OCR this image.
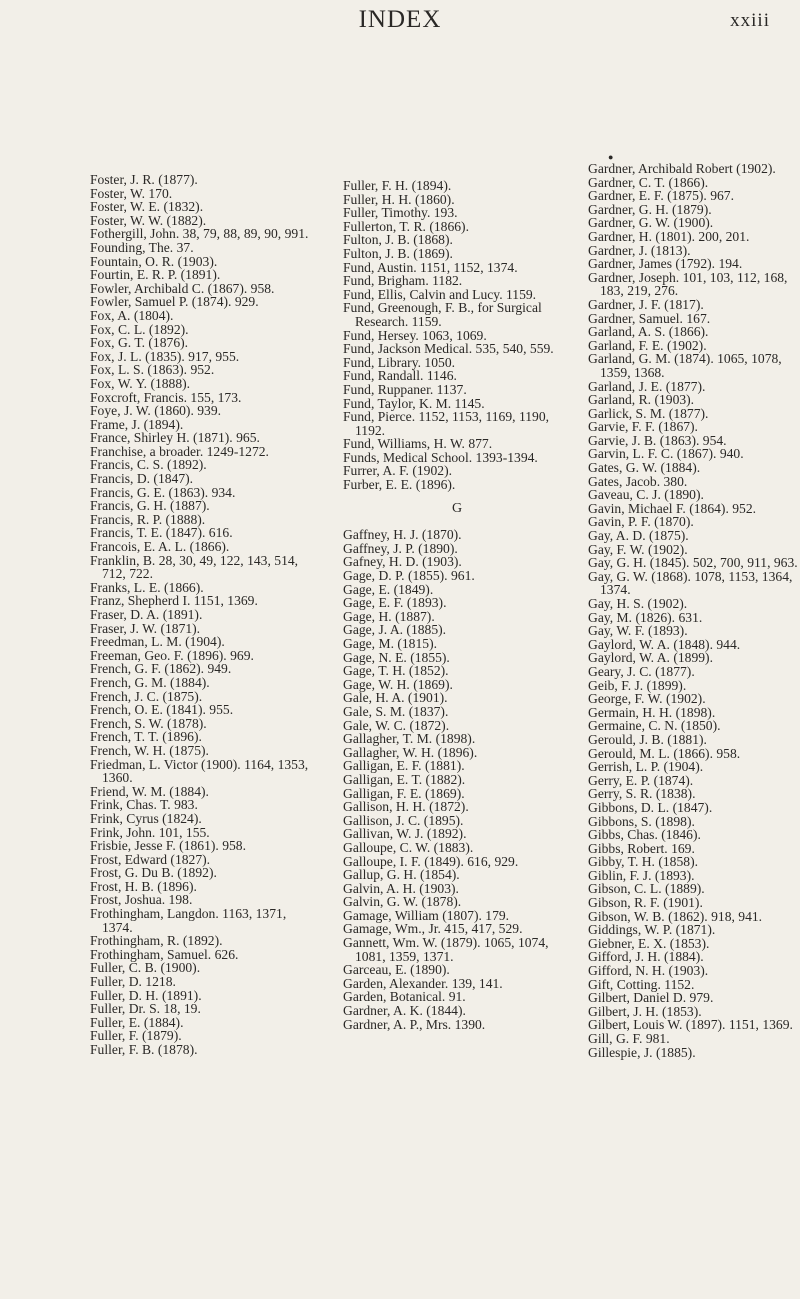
INDEX	xxiii
●
Foster, J. R. (1877).
Foster, W. 170.
Foster, W. E. (1832).
Foster, W. W. (1882).
Fothergill, John. 38, 79, 88, 89, 90, 991.
Founding, The. 37.
Fountain, O. R. (1903).
Fourtin, E. R. P. (1891).
Fowler, Archibald C. (1867). 958.
Fowler, Samuel P. (1874). 929.
Fox, A. (1804).
Fox, C. L. (1892).
Fox, G. T. (1876).
Fox, J. L. (1835). 917, 955.
Fox, L. S. (1863). 952.
Fox, W. Y. (1888).
Foxcroft, Francis. 155, 173.
Foye, J. W. (1860). 939.
Frame, J. (1894).
France, Shirley H. (1871). 965.
Franchise, a broader. 1249-1272.
Francis, C. S. (1892).
Francis, D. (1847).
Francis, G. E. (1863). 934.
Francis, G. H. (1887).
Francis, R. P. (1888).
Francis, T. E. (1847). 616.
Francois, E. A. L. (1866).
Franklin, B. 28, 30, 49, 122, 143, 514, 712, 722.
Franks, L. E. (1866).
Franz, Shepherd I. 1151, 1369.
Fraser, D. A. (1891).
Fraser, J. W. (1871).
Freedman, L. M. (1904).
Freeman, Geo. F. (1896). 969.
French, G. F. (1862). 949.
French, G. M. (1884).
French, J. C. (1875).
French, O. E. (1841). 955.
French, S. W. (1878).
French, T. T. (1896).
French, W. H. (1875).
Friedman, L. Victor (1900). 1164, 1353, 1360.
Friend, W. M. (1884).
Frink, Chas. T. 983.
Frink, Cyrus (1824).
Frink, John. 101, 155.
Frisbie, Jesse F. (1861). 958.
Frost, Edward (1827).
Frost, G. Du B. (1892).
Frost, H. B. (1896).
Frost, Joshua. 198.
Frothingham, Langdon. 1163, 1371, 1374.
Frothingham, R. (1892).
Frothingham, Samuel. 626.
Fuller, C. B. (1900).
Fuller, D. 1218.
Fuller, D. H. (1891).
Fuller, Dr. S. 18, 19.
Fuller, E. (1884).
Fuller, F. (1879).
Fuller, F. B. (1878).
Fuller, F. H. (1894).
Fuller, H. H. (1860).
Fuller, Timothy. 193.
Fullerton, T. R. (1866).
Fulton, J. B. (1868).
Fulton, J. B. (1869).
Fund, Austin. 1151, 1152, 1374.
Fund, Brigham. 1182.
Fund, Ellis, Calvin and Lucy. 1159.
Fund, Greenough, F. B., for Surgical Research. 1159.
Fund, Hersey. 1063, 1069.
Fund, Jackson Medical. 535, 540, 559.
Fund, Library. 1050.
Fund, Randall. 1146.
Fund, Ruppaner. 1137.
Fund, Taylor, K. M. 1145.
Fund, Pierce. 1152, 1153, 1169, 1190, 1192.
Fund, Williams, H. W. 877.
Funds, Medical School. 1393-1394.
Furrer, A. F. (1902).
Furber, E. E. (1896).
G
Gaffney, H. J. (1870).
Gaffney, J. P. (1890).
Gafney, H. D. (1903).
Gage, D. P. (1855). 961.
Gage, E. (1849).
Gage, E. F. (1893).
Gage, H. (1887).
Gage, J. A. (1885).
Gage, M. (1815).
Gage, N. E. (1855).
Gage, T. H. (1852).
Gage, W. H. (1869).
Gale, H. A. (1901).
Gale, S. M. (1837).
Gale, W. C. (1872).
Gallagher, T. M. (1898).
Gallagher, W. H. (1896).
Galligan, E. F. (1881).
Galligan, E. T. (1882).
Galligan, F. E. (1869).
Gallison, H. H. (1872).
Gallison, J. C. (1895).
Gallivan, W. J. (1892).
Galloupe, C. W. (1883).
Galloupe, I. F. (1849). 616, 929.
Gallup, G. H. (1854).
Galvin, A. H. (1903).
Galvin, G. W. (1878).
Gamage, William (1807). 179.
Gamage, Wm., Jr. 415, 417, 529.
Gannett, Wm. W. (1879). 1065, 1074, 1081, 1359, 1371.
Garceau, E. (1890).
Garden, Alexander. 139, 141.
Garden, Botanical. 91.
Gardner, A. K. (1844).
Gardner, A. P., Mrs. 1390.
Gardner, Archibald Robert (1902).
Gardner, C. T. (1866).
Gardner, E. F. (1875). 967.
Gardner, G. H. (1879).
Gardner, G. W. (1900).
Gardner, H. (1801). 200, 201.
Gardner, J. (1813).
Gardner, James (1792). 194.
Gardner, Joseph. 101, 103, 112, 168, 183, 219, 276.
Gardner, J. F. (1817).
Gardner, Samuel. 167.
Garland, A. S. (1866).
Garland, F. E. (1902).
Garland, G. M. (1874). 1065, 1078, 1359, 1368.
Garland, J. E. (1877).
Garland, R. (1903).
Garlick, S. M. (1877).
Garvie, F. F. (1867).
Garvie, J. B. (1863). 954.
Garvin, L. F. C. (1867). 940.
Gates, G. W. (1884).
Gates, Jacob. 380.
Gaveau, C. J. (1890).
Gavin, Michael F. (1864). 952.
Gavin, P. F. (1870).
Gay, A. D. (1875).
Gay, F. W. (1902).
Gay, G. H. (1845). 502, 700, 911, 963.
Gay, G. W. (1868). 1078, 1153, 1364, 1374.
Gay, H. S. (1902).
Gay, M. (1826). 631.
Gay, W. F. (1893).
Gaylord, W. A. (1848). 944.
Gaylord, W. A. (1899).
Geary, J. C. (1877).
Geib, F. J. (1899).
George, F. W. (1902).
Germain, H. H. (1898).
Germaine, C. N. (1850).
Gerould, J. B. (1881).
Gerould, M. L. (1866). 958.
Gerrish, L. P. (1904).
Gerry, E. P. (1874).
Gerry, S. R. (1838).
Gibbons, D. L. (1847).
Gibbons, S. (1898).
Gibbs, Chas. (1846).
Gibbs, Robert. 169.
Gibby, T. H. (1858).
Giblin, F. J. (1893).
Gibson, C. L. (1889).
Gibson, R. F. (1901).
Gibson, W. B. (1862). 918, 941.
Giddings, W. P. (1871).
Giebner, E. X. (1853).
Gifford, J. H. (1884).
Gifford, N. H. (1903).
Gift, Cotting. 1152.
Gilbert, Daniel D. 979.
Gilbert, J. H. (1853).
Gilbert, Louis W. (1897). 1151, 1369.
Gill, G. F. 981.
Gillespie, J. (1885).
